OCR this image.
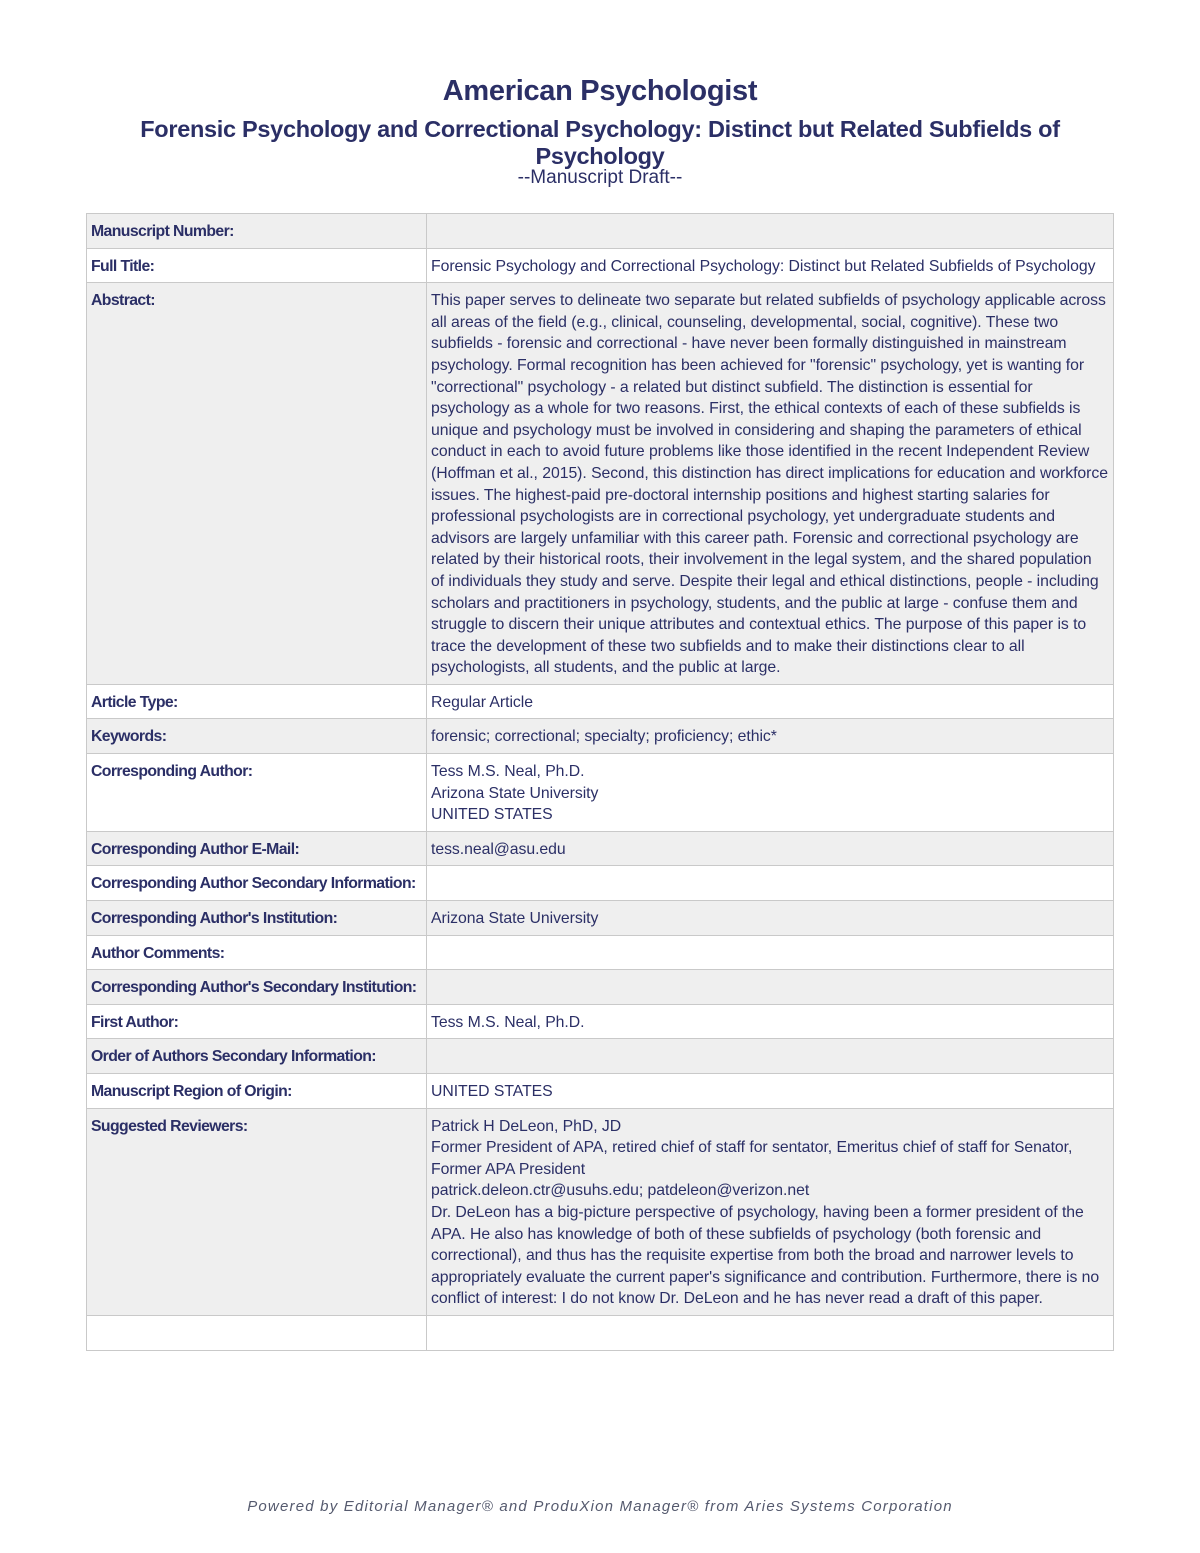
American Psychologist
Forensic Psychology and Correctional Psychology: Distinct but Related Subfields of Psychology
--Manuscript Draft--
Manuscript Number:	

Full Title:	Forensic Psychology and Correctional Psychology: Distinct but Related Subfields of Psychology

Abstract:	This paper serves to delineate two separate but related subfields of psychology applicable across all areas of the field (e.g., clinical, counseling, developmental, social, cognitive). These two subfields - forensic and correctional - have never been formally distinguished in mainstream psychology. Formal recognition has been achieved for "forensic" psychology, yet is wanting for "correctional" psychology - a related but distinct subfield. The distinction is essential for psychology as a whole for two reasons. First, the ethical contexts of each of these subfields is unique and psychology must be involved in considering and shaping the parameters of ethical conduct in each to avoid future problems like those identified in the recent Independent Review (Hoffman et al., 2015). Second, this distinction has direct implications for education and workforce issues. The highest-paid pre-doctoral internship positions and highest starting salaries for professional psychologists are in correctional psychology, yet undergraduate students and advisors are largely unfamiliar with this career path. Forensic and correctional psychology are related by their historical roots, their involvement in the legal system, and the shared population of individuals they study and serve. Despite their legal and ethical distinctions, people - including scholars and practitioners in psychology, students, and the public at large - confuse them and struggle to discern their unique attributes and contextual ethics. The purpose of this paper is to trace the development of these two subfields and to make their distinctions clear to all psychologists, all students, and the public at large.

Article Type:	Regular Article

Keywords:	forensic; correctional; specialty; proficiency; ethic*

Corresponding Author:	Tess M.S. Neal, Ph.D.
Arizona State University
UNITED STATES

Corresponding Author E-Mail:	tess.neal@asu.edu

Corresponding Author Secondary Information:	

Corresponding Author's Institution:	Arizona State University

Author Comments:	

Corresponding Author's Secondary Institution:	

First Author:	Tess M.S. Neal, Ph.D.

Order of Authors Secondary Information:	

Manuscript Region of Origin:	UNITED STATES

Suggested Reviewers:	Patrick H DeLeon, PhD, JD
Former President of APA, retired chief of staff for sentator, Emeritus chief of staff for Senator, Former APA President
patrick.deleon.ctr@usuhs.edu; patdeleon@verizon.net
Dr. DeLeon has a big-picture perspective of psychology, having been a former president of the APA. He also has knowledge of both of these subfields of psychology (both forensic and correctional), and thus has the requisite expertise from both the broad and narrower levels to appropriately evaluate the current paper's significance and contribution. Furthermore, there is no conflict of interest: I do not know Dr. DeLeon and he has never read a draft of this paper.

Powered by Editorial Manager® and ProduXion Manager® from Aries Systems Corporation
